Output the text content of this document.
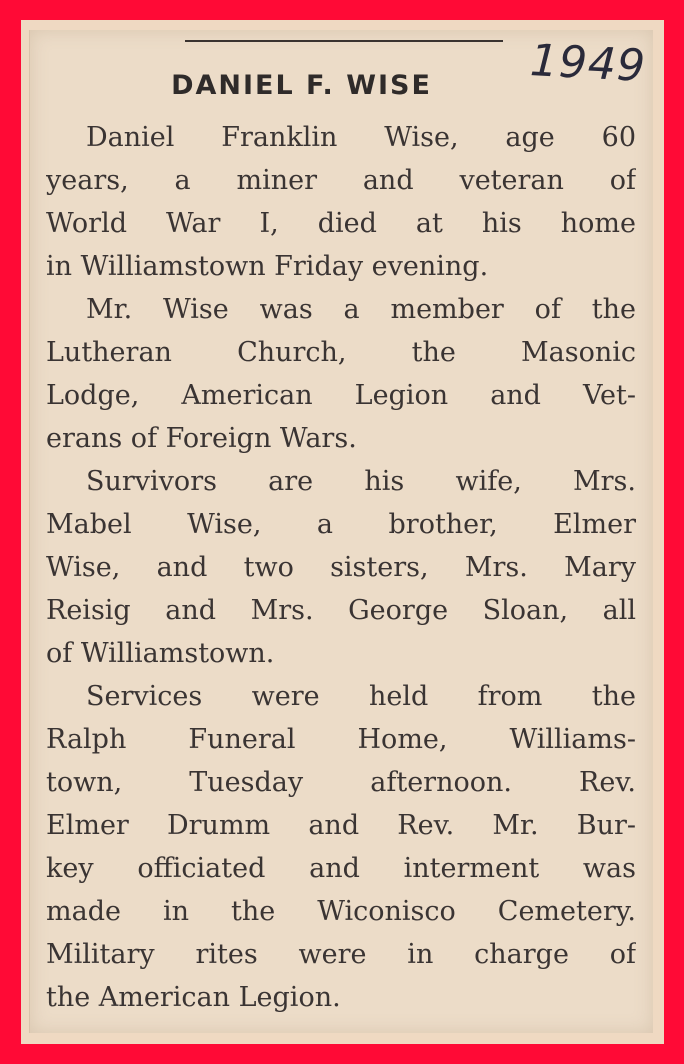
1949
DANIEL F. WISE
Daniel Franklin Wise, age 60
years, a miner and veteran of
World War I, died at his home
in Williamstown Friday evening.
Mr. Wise was a member of the
Lutheran Church, the Masonic
Lodge, American Legion and Vet-
erans of Foreign Wars.
Survivors are his wife, Mrs.
Mabel Wise, a brother, Elmer
Wise, and two sisters, Mrs. Mary
Reisig and Mrs. George Sloan, all
of Williamstown.
Services were held from the
Ralph Funeral Home, Williams-
town, Tuesday afternoon. Rev.
Elmer Drumm and Rev. Mr. Bur-
key officiated and interment was
made in the Wiconisco Cemetery.
Military rites were in charge of
the American Legion.
